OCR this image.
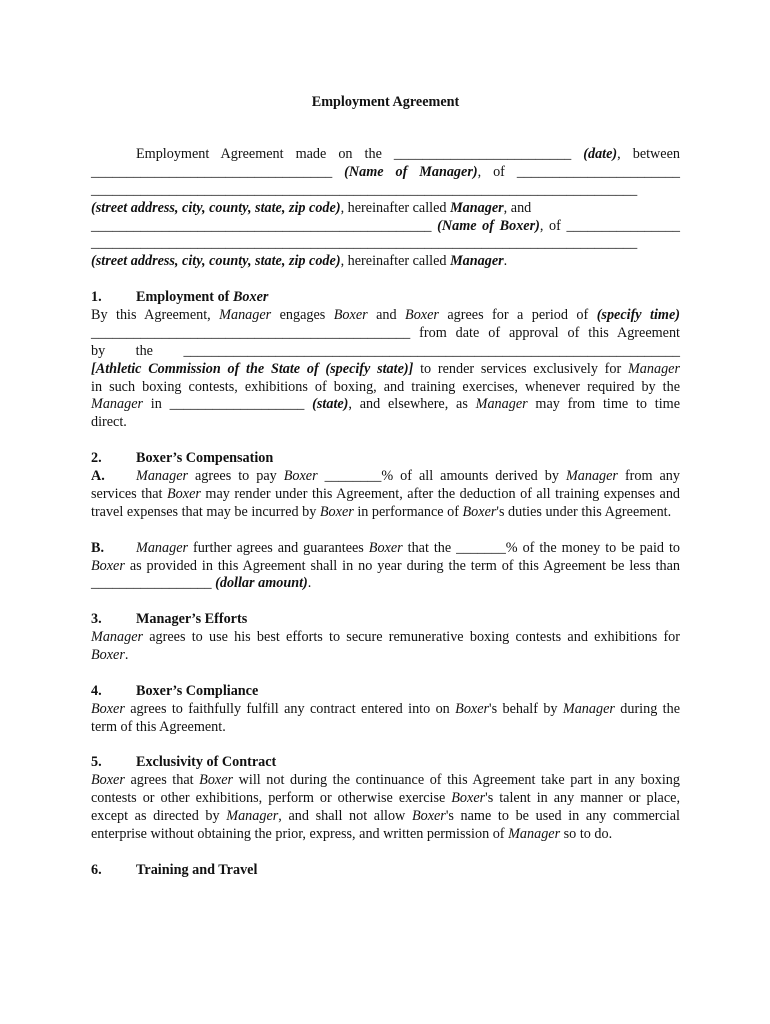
Employment Agreement
Employment Agreement made on the _________________________ (date), between
__________________________________ (Name of Manager), of _______________________
_____________________________________________________________________________
(street address, city, county, state, zip code), hereinafter called Manager, and
________________________________________________ (Name of Boxer), of ________________
_____________________________________________________________________________
(street address, city, county, state, zip code), hereinafter called Manager.
1. Employment of Boxer
By this Agreement, Manager engages Boxer and Boxer agrees for a period of (specify time)
_____________________________________________ from date of approval of this Agreement
by the ______________________________________________________________________
[Athletic Commission of the State of (specify state)] to render services exclusively for Manager
in such boxing contests, exhibitions of boxing, and training exercises, whenever required by the
Manager in ___________________ (state), and elsewhere, as Manager may from time to time
direct.
2. Boxer’s Compensation
A. Manager agrees to pay Boxer ________% of all amounts derived by Manager from any services that Boxer may render under this Agreement, after the deduction of all training expenses and travel expenses that may be incurred by Boxer in performance of Boxer's duties under this Agreement.
B. Manager further agrees and guarantees Boxer that the _______% of the money to be paid to Boxer as provided in this Agreement shall in no year during the term of this Agreement be less than _________________ (dollar amount).
3. Manager’s Efforts
Manager agrees to use his best efforts to secure remunerative boxing contests and exhibitions for Boxer.
4. Boxer’s Compliance
Boxer agrees to faithfully fulfill any contract entered into on Boxer's behalf by Manager during the term of this Agreement.
5. Exclusivity of Contract
Boxer agrees that Boxer will not during the continuance of this Agreement take part in any boxing contests or other exhibitions, perform or otherwise exercise Boxer's talent in any manner or place, except as directed by Manager, and shall not allow Boxer's name to be used in any commercial enterprise without obtaining the prior, express, and written permission of Manager so to do.
6. Training and Travel
